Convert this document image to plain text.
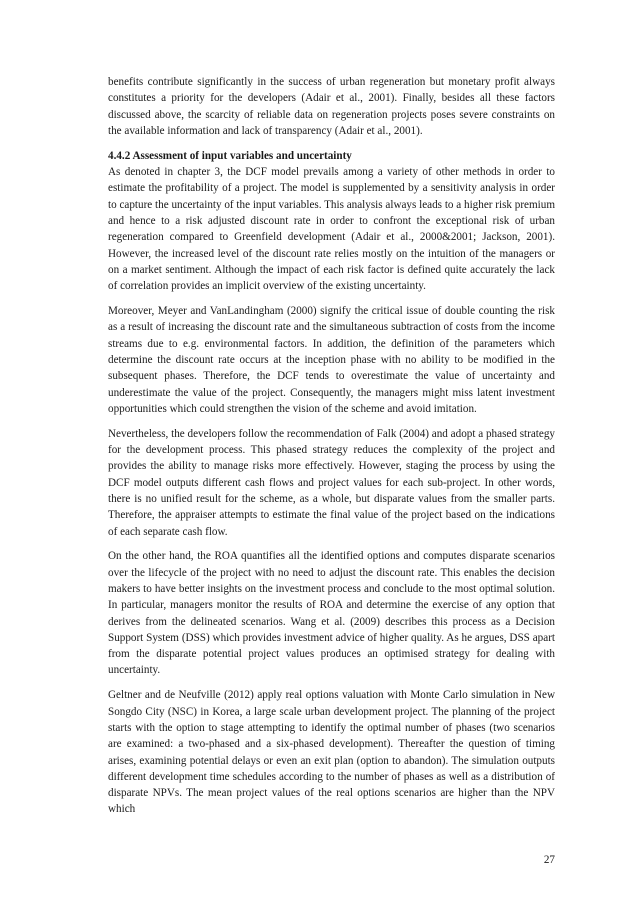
benefits contribute significantly in the success of urban regeneration but monetary profit always constitutes a priority for the developers (Adair et al., 2001). Finally, besides all these factors discussed above, the scarcity of reliable data on regeneration projects poses severe constraints on the available information and lack of transparency (Adair et al., 2001).

4.4.2 Assessment of input variables and uncertainty

As denoted in chapter 3, the DCF model prevails among a variety of other methods in order to estimate the profitability of a project. The model is supplemented by a sensitivity analysis in order to capture the uncertainty of the input variables. This analysis always leads to a higher risk premium and hence to a risk adjusted discount rate in order to confront the exceptional risk of urban regeneration compared to Greenfield development (Adair et al., 2000&2001; Jackson, 2001). However, the increased level of the discount rate relies mostly on the intuition of the managers or on a market sentiment. Although the impact of each risk factor is defined quite accurately the lack of correlation provides an implicit overview of the existing uncertainty.

Moreover, Meyer and VanLandingham (2000) signify the critical issue of double counting the risk as a result of increasing the discount rate and the simultaneous subtraction of costs from the income streams due to e.g. environmental factors. In addition, the definition of the parameters which determine the discount rate occurs at the inception phase with no ability to be modified in the subsequent phases. Therefore, the DCF tends to overestimate the value of uncertainty and underestimate the value of the project. Consequently, the managers might miss latent investment opportunities which could strengthen the vision of the scheme and avoid imitation.

Nevertheless, the developers follow the recommendation of Falk (2004) and adopt a phased strategy for the development process. This phased strategy reduces the complexity of the project and provides the ability to manage risks more effectively. However, staging the process by using the DCF model outputs different cash flows and project values for each sub-project. In other words, there is no unified result for the scheme, as a whole, but disparate values from the smaller parts. Therefore, the appraiser attempts to estimate the final value of the project based on the indications of each separate cash flow.

On the other hand, the ROA quantifies all the identified options and computes disparate scenarios over the lifecycle of the project with no need to adjust the discount rate. This enables the decision makers to have better insights on the investment process and conclude to the most optimal solution. In particular, managers monitor the results of ROA and determine the exercise of any option that derives from the delineated scenarios. Wang et al. (2009) describes this process as a Decision Support System (DSS) which provides investment advice of higher quality. As he argues, DSS apart from the disparate potential project values produces an optimised strategy for dealing with uncertainty.

Geltner and de Neufville (2012) apply real options valuation with Monte Carlo simulation in New Songdo City (NSC) in Korea, a large scale urban development project. The planning of the project starts with the option to stage attempting to identify the optimal number of phases (two scenarios are examined: a two-phased and a six-phased development). Thereafter the question of timing arises, examining potential delays or even an exit plan (option to abandon). The simulation outputs different development time schedules according to the number of phases as well as a distribution of disparate NPVs. The mean project values of the real options scenarios are higher than the NPV which

27
